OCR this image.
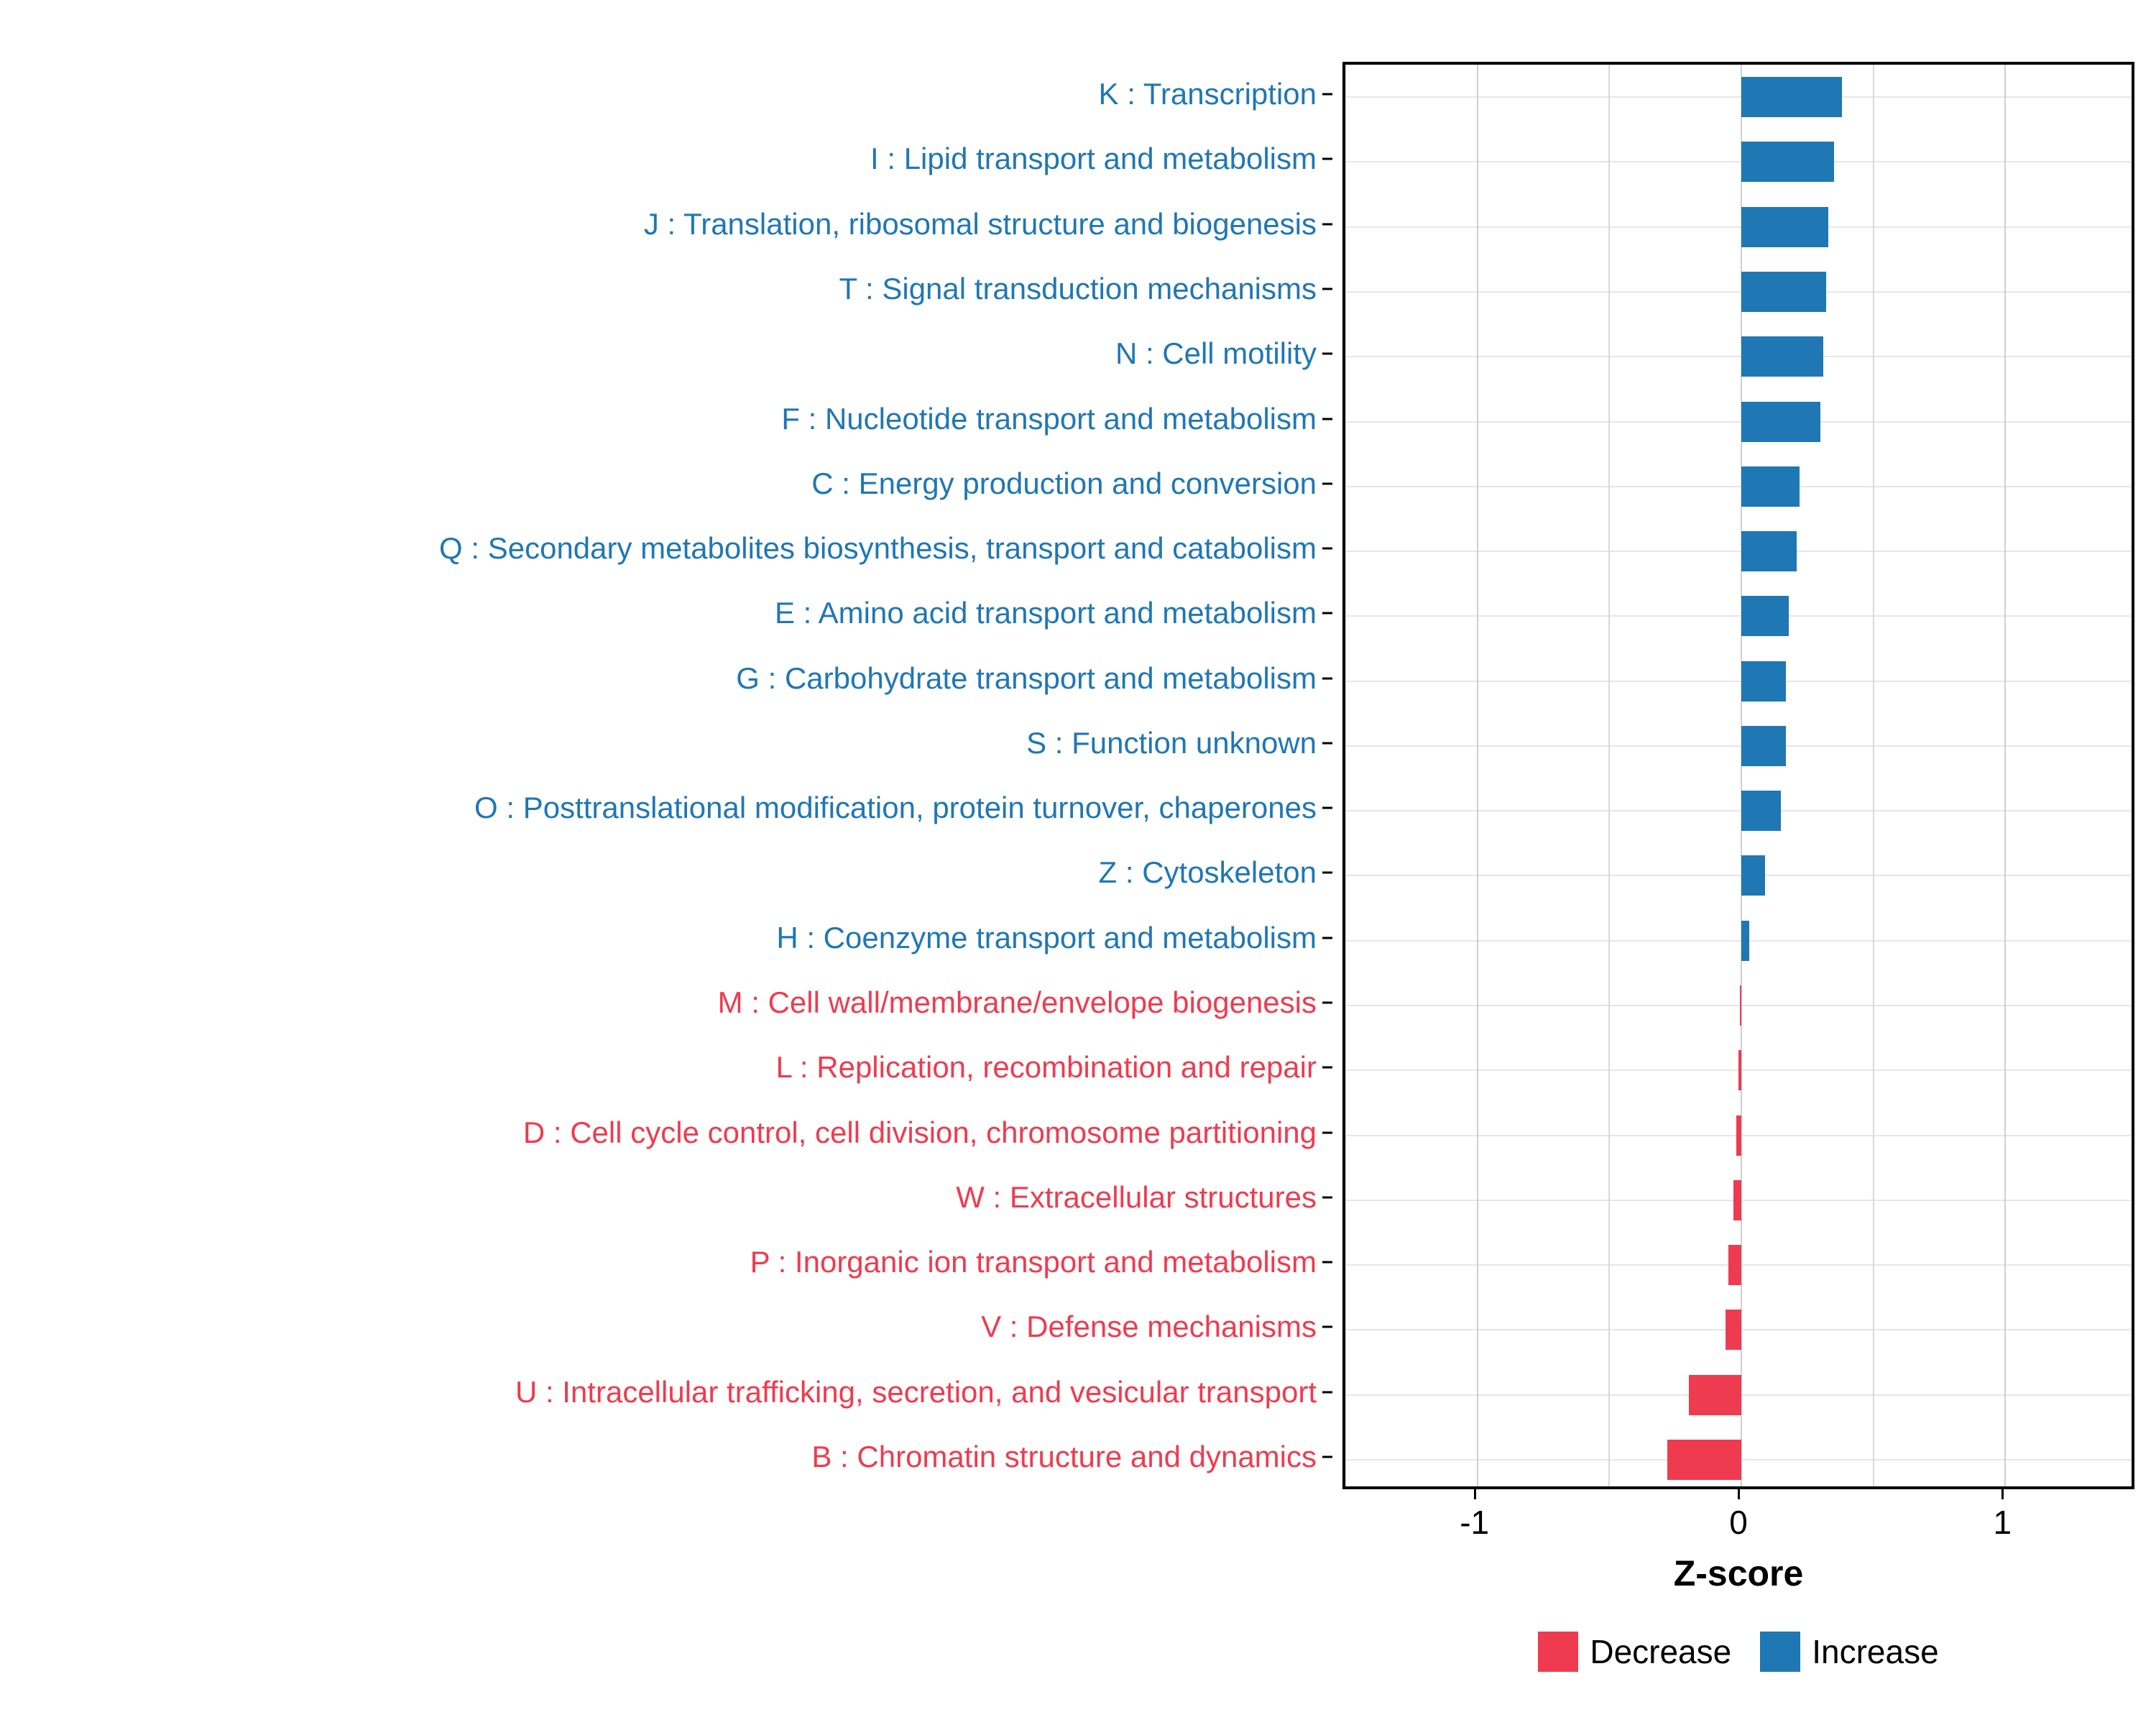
K : Transcription
I : Lipid transport and metabolism
J : Translation, ribosomal structure and biogenesis
T : Signal transduction mechanisms
N : Cell motility
F : Nucleotide transport and metabolism
C : Energy production and conversion
Q : Secondary metabolites biosynthesis, transport and catabolism
E : Amino acid transport and metabolism
G : Carbohydrate transport and metabolism
S : Function unknown
O : Posttranslational modification, protein turnover, chaperones
Z : Cytoskeleton
H : Coenzyme transport and metabolism
M : Cell wall/membrane/envelope biogenesis
L : Replication, recombination and repair
D : Cell cycle control, cell division, chromosome partitioning
W : Extracellular structures
P : Inorganic ion transport and metabolism
V : Defense mechanisms
U : Intracellular trafficking, secretion, and vesicular transport
B : Chromatin structure and dynamics
-1	0	1
Z-score
Decrease Increase
